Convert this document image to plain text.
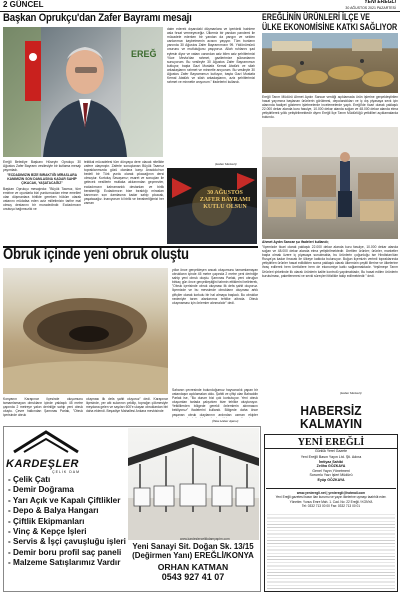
2 GÜNCEL	YENİ EREĞLİ
30 AĞUSTOS 2021 PAZARTESİ
Başkan Oprukçu'dan Zafer Bayramı mesajı
EREĞ

Ereğli Belediye Başkanı Hüseyin Oprukçu 30 Ağustos Zafer Bayramı vesilesiyle bir kutlama mesajı yayımladı.

"ECDADIMIZIN BİZE BIRAKTIĞI MİRASLARA KANIMIZIN SON DAMLASINA KADAR SAHİP ÇIKACAK, YAŞATACAĞIZ"

Başkan Oprukçu mesajında: "Büyük Taarruz, tüm emirine ve oyunlarla bizi yurdumuzdan etme emelleri olan düşmanlara birlikte gereken hüküm olarak vatanını müdafaa eden aziz milletimizin tarihe mal olmuş destanını bir muradedindir. Ecdadımızın unutuşu bağımsızlık ve

tektikal mücadelesi tüm dünyaya dere olacak nitelikte zafere ulaşmıştır. Zaferle sonuçlanan Büyük Taarruz topraklarımızda gözü olanlara karşı Anadolu'nun bedeli bir Türk yurdu olarak çıkacağının dersi olmuştur. Kurtuluş Savaşımız; esaret ve sonuçları ile gelecek nesillerin mutlaka akılarımdan geçmezler, ecdadımızın kahramanlık destanları ve birlik beraberliği. Ecdadımızın bize bıraktığı mirasları kanımızın son damlasına kadar sahip çıkacak, yaşatacağız. İnanıyorum ki birlik ve beraberliğimizi her zaman
daim ederek dışarıdaki düşmanlara ve içerideki hainlere asla fırsat vermeyeceğiz. Ülkemiz bir yandan pandemi ile mücadele ederken bir yandan da yangın ve selden canlarımızı kaybetmenin acısını yaşıyor. Tüm bunların yanında 30 Ağustos Zafer Bayramımızın 99. Yıldönümünü onurunu ve mutluluğunu yaşıyoruz. Allah ruhlarını şad eylesin diyor ve vatanı canından aziz bilen aziz şehitlerimizi Yüce Mevla'dan rahmet, gazilerimize şükranlarımı sunuyorum. Bu vesileyle 30 Ağustos Zafer Bayramımızı kutluyor, başta Gazi Mustafa Kemal Atatürk ve silah arkadaşlarını rahmet ve minnetle anıyorum. Bu vesileyle 30 Ağustos Zafer Bayramımızı kutluyor, başta Gazi Mustafa Kemal Atatürk ve silah arkadaşlarını, aziz şehitlerimizi rahmet ve minnetle anıyorum." ifadelerini kullandı.
(Haber Merkezi)
30 AĞUSTOS ZAFER BAYRAMI KUTLU OLSUN
EREĞLİNİN ÜRÜNLERİ İLÇE VE
ÜLKE EKONOMİSİNE KATKI SAĞLIYOR
Ereğli Tarım Müdürü Ahmet Aydın Sancar verdiği açıklamada ürün işlerine gerçekleştirilen hasat yayımına başlanan ürünlerin görülmesi, depolandıkları ve iç dış piyasaya sevk için alanında faaliyet gösteren işletmelerde incelemelerde yaptı. Ereğli'de ticari olarak yaklaşık 22.000 dekar alanda kuru fasulye, 10.000 dekar alanda soğan ve 48.000 dekar alanda elma yetiştirilerek yıllık yetiştirilmektedir diyen Ereğli İlçe Tarım Müdürlüğü yetkilileri açıklamalarda bulundu.
Ahmet Aydın Sancar şu ifadeleri kullandı;
"İlçemizde ticari olarak yaklaşık 22.000 dekar alanda kuru fasulye, 10.000 dekar alanda soğan ve 48.000 dekar alanda elma yetiştirilmektedir. Üretilen ürünler; ürünler, marketler başta olmak üzere iç piyasaya sunulmakta, bu ürünlerin çoğunluğu ise Hindistan'dan Rusya'ya kadar ihracatı ile ülkeye katkıda bulunuyor. Buğun ilçemizin verimli topraklarında yetiştirilen ürünler hasat edildikten sonra yaklaşık olarak ülkemizin çeşitli illerine ve ülkelerine ihraç edilerek hem üreticilere hem de ekonomiye katkı sağlanmaktadır. Yeşilmeşe Tarım Ürünleri şirketinde ilk olarak ürünlerin kalite kontrolü yapılmaktadır, Bu hasat edilen ürünlerin kurutulması, paketlenmesi ve sevki süreçleri titizlikle takip edilmektedir." dedi.
(Haber Merkezi)
Obruk içinde yeni obruk oluştu
yıllar önce gerçekleşen ancak oluşumunu tamamlamayan obrukların içinde 45 metre çapında 2 metre yeni derinliğe sahip yeni obruk oluştu. Şamınas Parlak, yeni obruğun birkaç gün önce gerçekleştiğini tahmin ettiklerini belirterek, "Obruk içerisinde obruk oluşması ilk defa şahit oluyoruz. İlçemizde ve bu mevsimde obrukların oluşması artık çiftçiler olarak korkulu bir hal almaya başladı. Bu obruklar nedeniyle tarım alanlarımız tehlike altında. Obruk oluşmaması için önlemler alınmalıdır" dedi.
Konyanın Karapınar ilçesinde oluşumunu tamamlamayan obrukların içinde yaklaşık 45 metre çapında 2 metreye yakın derinliğe sahip yeni obruk oluştu. Çevre halkından Şamınas Parlak, "Obruk içerisinde obruk
oluşması ilk defa şahit oluyoruz" dedi. Karapınar ilçesinde, yer altı sularının çekilip, toprağın çökmesiyle meydana gelen ve sayıları 600'e ulaşan obruklardan biri daha eklendi. Beşadiye Mahallesi Ankara mevkisinde
Sahanın çevresinde bulunduğumuz hayvancılık yapan bir vatandaşın açıklamaları oldu. Şahiti ve çiftçi olan Bahaddin Parlak ise, "Bu durum bizi çok korkutuyor. Yeni obruk oluşumları tarlada çalışırken bize tehlike oluşturuyor. Yetkililerden bölgede gerekli önlemlerin alınmasını bekliyoruz" ifadelerini kullandı. Bölgede daha önce yaşanan obruk olaylarının ardından uzman ekipler
(İhlas Haber Ajansı)
KARDEŞLER
ÇELİK DAM
- Çelik Çatı
- Demir Doğrama
- Yarı Açık ve Kapalı Çiftlikler
- Depo & Balya Hangarı
- Çiftlik Ekipmanları
- Vinç & Kepçe İşleri
- Servis & İşçi çavuşluğu işleri
- Demir boru profil saç paneli
- Malzeme Satışlarımız Vardır
www.kardeslerceltikdamyapim.com
Yeni Sanayi Sit. Doğan Sk. 13/15
(Değirmen Yanı) EREĞLİ/KONYA
ORHAN KATMAN
0543 927 41 07
HABERSİZ
KALMAYIN
YENİ EREĞLİ
Günlük Yerel Gazete
Yeni Ereğli Basın Yayın Ltd. Şti. Adına
İmtiyaz Sahibi
Zeliha GÖZKAYA
Genel Yayın Yönetmeni
Sorumlu Yazı İşleri Müdürü
Eyüp GÖZKAYA
www.yeniereglі.net | yeniereglі@hotmail.com
Yeni Ereğli gazetesi basın ilan kurumu ve yayın ilkelerine uymayı taahhüt eder.
Yönetim: Yunus Emre Mah. 1. Cad. No: 22 Ereğli / KONYA
Tel: 0332 713 00 00 Fax: 0332 713 00 01
